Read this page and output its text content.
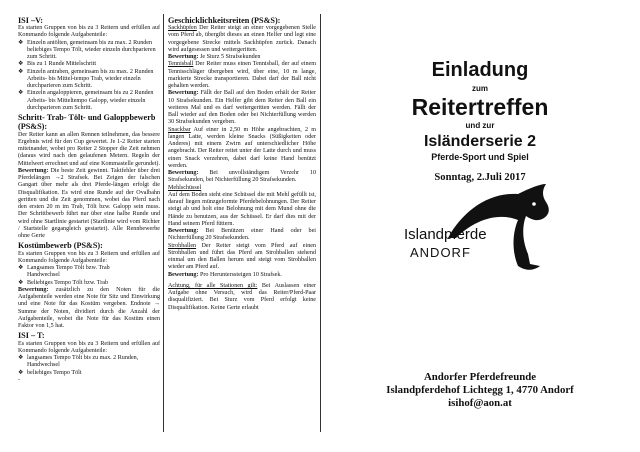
ISI –V:

Es starten Gruppen von bis zu 3 Reitern und erfüllen auf Kommando folgende Aufgabenteile:

❖ Einzeln antölten, gemeinsam bis zu max. 2 Runden beliebiges Tempo Tölt, wieder einzeln durchparieren zum Schritt.
❖ Bis zu 1 Runde Mittelschritt
❖ Einzeln antraben, gemeinsam bis zu max. 2 Runden Arbeits- bis Mittel-tempo Trab, wieder einzeln durchparieren zum Schritt.
❖ Einzeln angaloppieren, gemeinsam bis zu 2 Runden Arbeits- bis Mitteltempo Galopp, wieder einzeln durchparieren zum Schritt.
Schritt- Trab- Tölt- und Galoppbewerb (PS&S):

Der Reiter kann an allen Rennen teilnehmen, das bessere Ergebnis wird für den Cup gewertet. Je 1-2 Reiter starten miteinander, wobei pro Reiter 2 Stopper die Zeit nehmen (daraus wird nach den gelaufenen Metern. Regeln der Mittelwert errechnet und auf eine Kommastelle gerundet).

Bewertung: Die beste Zeit gewinnt. Taktfehler über drei Pferdelängen →2 Strafsek. Bei Zeigen der falschen Gangart über mehr als drei Pferde-längen erfolgt die Disqualifikation. Es wird eine Runde auf der Ovalbahn geritten und die Zeit genommen, wobei das Pferd nach den ersten 20 m im Trab, Tölt bzw. Galopp sein muss. Der Schrittbewerb führt nur über eine halbe Runde und wird ohne Startlinie gestartet (Startlinie wird vom Richter / Startstelle gegangleich gestartet). Alle Rennbewerbe ohne Gerte

Kostümbewerb (PS&S):

Es starten Gruppen von bis zu 3 Reitern und erfüllen auf Kommando folgende Aufgabenteile:

❖ Langsames Tempo Tölt bzw. Trab
Handwechsel
❖ Beliebiges Tempo Tölt bzw. Trab

Bewertung: zusätzlich zu den Noten für die Aufgabenteile werden eine Note für Sitz und Einwirkung und eine Note für das Kostüm vergeben. Endnote → Summe der Noten, dividiert durch die Anzahl der Aufgabenteile, wobei die Note für das Kostüm einen Faktor von 1,5 hat.

ISI – T:

Es starten Gruppen von bis zu 3 Reitern und erfüllen auf Kommando folgende Aufgabenteile:

❖ langsames Tempo Tölt bis zu max. 2 Runden,
Handwechsel
❖ beliebiges Tempo Tölt

-

Geschicklichkeitsreiten (PS&S):

Sackhüpfen Der Reiter steigt an einer vorgegebenen Stelle vom Pferd ab, übergibt dieses an einen Helfer und legt eine vorgegebene Strecke mittels Sackhüpfen zurück. Danach wird aufgesessen und weitergeritten.

Bewertung: Je Sturz 5 Strafsekunden

Tennisball Der Reiter muss einen Tennisball, der auf einem Tennisschläger übergeben wird, über eine, 10 m lange, markierte Strecke transportieren. Dabei darf der Ball nicht gehalten werden.

Bewertung: Fällt der Ball auf den Boden erhält der Reiter 10 Strafsekunden. Ein Helfer gibt dem Reiter den Ball ein weiteres Mal und es darf weitergeritten werden. Fällt der Ball wieder auf den Boden oder bei Nichterfüllung werden 30 Strafsekunden vergeben.

Snackbar Auf einer in 2,50 m Höhe angebrachten, 2 m langen Latte, werden kleine Snacks (Süßigkeiten oder Anderes) mit einem Zwirn auf unterschiedlicher Höhe angebracht. Der Reiter reitet unter der Latte durch und muss einen Snack verzehren, dabei darf keine Hand benützt werden.

Bewertung: Bei unvollständigem Verzehr 10 Strafsekunden, bei Nichterfüllung 20 Strafsekunden.

Mehlschüssel

Auf dem Boden steht eine Schüssel die mit Mehl gefüllt ist, darauf liegen münzgeformte Pferdebelohnungen. Der Reiter steigt ab und holt eine Belohnung mit dem Mund ohne die Hände zu benutzen, aus der Schüssel. Er darf dies mit der Hand seinem Pferd füttern.

Bewertung: Bei Benützen einer Hand oder bei Nichterfüllung 20 Strafsekunden.

Strohballen Der Reiter steigt vom Pferd auf einen Strohballen und führt das Pferd am Strohballen stehend einmal um den Ballen herum und steigt vom Strohballen wieder am Pferd auf.

Bewertung: Pro Herunterssteigen 10 Strafsek.

Achtung, für alle Stationen gilt: Bei Auslassen einer Aufgabe ohne Versuch, wird das Reiter/Pferd-Paar disqualifiziert. Bei Sturz vom Pferd erfolgt keine Disqualifikation. Keine Gerte erlaubt

Einladung
zum
Reitertreffen
und zur
Isländerserie 2
Pferde-Sport und Spiel
Sonntag, 2.Juli 2017
Islandpferde
ANDORF
Andorfer Pferdefreunde
Islandpferdehof Lichtegg 1, 4770 Andorf
isihof@aon.at
